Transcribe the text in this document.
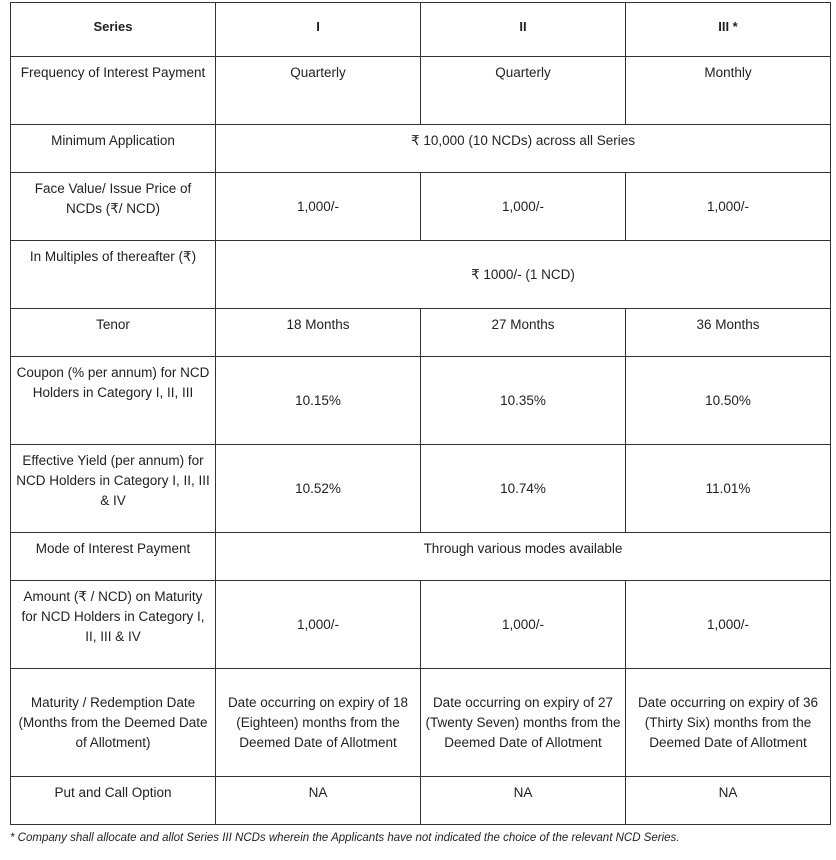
Series	I	II	III *
Frequency of Interest Payment	Quarterly	Quarterly	Monthly
Minimum Application	₹ 10,000 (10 NCDs) across all Series		
Face Value/ Issue Price of NCDs (₹/ NCD)	1,000/-	1,000/-	1,000/-
In Multiples of thereafter (₹)	₹ 1000/- (1 NCD)		
Tenor	18 Months	27 Months	36 Months
Coupon (% per annum) for NCD Holders in Category I, II, III	10.15%	10.35%	10.50%
Effective Yield (per annum) for NCD Holders in Category I, II, III & IV	10.52%	10.74%	11.01%
Mode of Interest Payment	Through various modes available		
Amount (₹ / NCD) on Maturity for NCD Holders in Category I, II, III & IV	1,000/-	1,000/-	1,000/-
Maturity / Redemption Date (Months from the Deemed Date of Allotment)	Date occurring on expiry of 18 (Eighteen) months from the Deemed Date of Allotment	Date occurring on expiry of 27 (Twenty Seven) months from the Deemed Date of Allotment	Date occurring on expiry of 36 (Thirty Six) months from the Deemed Date of Allotment
Put and Call Option	NA	NA	NA
* Company shall allocate and allot Series III NCDs wherein the Applicants have not indicated the choice of the relevant NCD Series.
